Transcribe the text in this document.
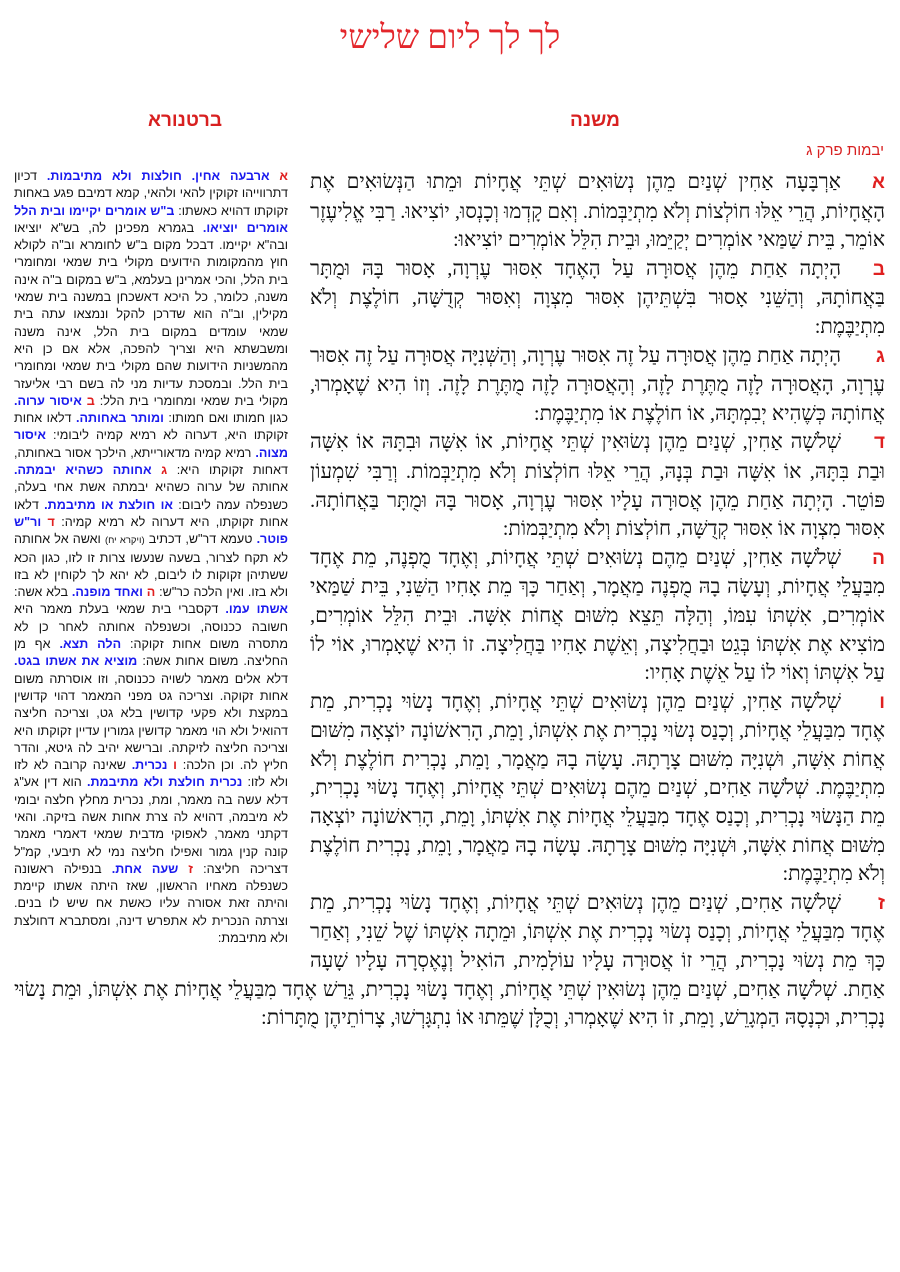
לך לך ליום שלישי
משנה
ברטנורא
יבמות פרק ג
א ארבעה אחין. חולצות ולא מתיבמות. דכיון דתרווייהו זקוקין להאי ולהאי, קמא דמיבם פגע באחות זקוקתו דהויא כאשתו: ב"ש אומרים יקיימו ובית הלל אומרים יוציאו. בגמרא מפכינן לה, בש"א יוציאו ובה"א יקיימו. דבכל מקום ב"ש לחומרא וב"ה לקולא חוץ מהמקומות הידועים מקולי בית שמאי ומחומרי בית הלל, והכי אמרינן בעלמא, ב"ש במקום ב"ה אינה משנה, כלומר, כל היכא דאשכחן במשנה בית שמאי מקילין, וב"ה הוא שדרכן להקל ונמצאו עתה בית שמאי עומדים במקום בית הלל, אינה משנה ומשבשתא היא וצריך להפכה, אלא אם כן היא מהמשניות הידועות שהם מקולי בית שמאי ומחומרי בית הלל. ובמסכת עדיות מני לה בשם רבי אליעזר מקולי בית שמאי ומחומרי בית הלל: ב איסור ערוה. כגון חמותו ואם חמותו: ומותר באחותה. דלאו אחות זקוקתו היא, דערוה לא רמיא קמיה ליבומי: איסור מצוה. רמיא קמיה מדאורייתא, הילכך אסור באחותה, דאחות זקוקתו היא: ג אחותה כשהיא יבמתה. אחותה של ערוה כשהיא יבמתה אשת אחי בעלה, כשנפלה עמה ליבום: או חולצת או מתיבמת. דלאו אחות זקוקתו, היא דערוה לא רמיא קמיה: ד ור"ש פוטר. טעמא דר"ש, דכתיב (ויקרא יח) ואשה אל אחותה לא תקח לצרור, בשעה שנעשו צרות זו לזו, כגון הכא ששתיהן זקוקות לו ליבום, לא יהא לך לקוחין לא בזו ולא בזו. ואין הלכה כר"ש: ה ואחד מופנה. בלא אשה: אשתו עמו. דקסברי בית שמאי בעלת מאמר היא חשובה ככנוסה, וכשנפלה אחותה לאחר כן לא מתסרה משום אחות זקוקה: הלה תצא. אף מן החליצה. משום אחות אשה: מוציא את אשתו בגט. דלא אלים מאמר לשויה ככנוסה, וזו אוסרתה משום אחות זקוקה. וצריכה גט מפני המאמר דהוי קדושין במקצת ולא פקעי קדושין בלא גט, וצריכה חליצה דהואיל ולא הוי מאמר קדושין גמורין עדיין זקוקתו היא וצריכה חליצה לזיקתה. וברישא יהיב לה גיטא, והדר חליץ לה. וכן הלכה: ו נכרית. שאינה קרובה לא לזו ולא לזו: נכרית חולצת ולא מתיבמת. הוא דין אע"ג דלא עשה בה מאמר, ומת, נכרית מחלץ חלצה יבומי לא מיבמה, דהויא לה צרת אחות אשה בזיקה. והאי דקתני מאמר, לאפוקי מדבית שמאי דאמרי מאמר קונה קנין גמור ואפילו חליצה נמי לא תיבעי, קמ"ל דצריכה חליצה: ז שעה אחת. בנפילה ראשונה כשנפלה מאחיו הראשון, שאז היתה אשתו קיימת והיתה זאת אסורה עליו כאשת אח שיש לו בנים. וצרתה הנכרית לא אתפרש דינה, ומסתברא דחולצת ולא מתיבמת:

אאַרְבָּעָה אַחִין שְׁנַיִם מֵהֶן נְשׂוּאִים שְׁתֵּי אֲחָיוֹת וּמֵתוּ הַנְּשׂוּאִים אֶת הָאֲחָיוֹת, הֲרֵי אֵלּוּ חוֹלְצוֹת וְלֹא מִתְיַבְּמוֹת. וְאִם קָדְמוּ וְכָנְסוּ, יוֹצִיאוּ. רַבִּי אֱלִיעֶזֶר אוֹמֵר, בֵּית שַׁמַּאי אוֹמְרִים יְקַיֵּמוּ, וּבֵית הִלֵּל אוֹמְרִים יוֹצִיאוּ:

בהָיְתָה אַחַת מֵהֶן אֲסוּרָה עַל הָאֶחָד אִסּוּר עֶרְוָה, אָסוּר בָּהּ וּמֻתָּר בַּאֲחוֹתָהּ, וְהַשֵּׁנִי אָסוּר בִּשְׁתֵּיהֶן אִסּוּר מִצְוָה וְאִסּוּר קְדֻשָּׁה, חוֹלֶצֶת וְלֹא מִתְיַבֶּמֶת:

גהָיְתָה אַחַת מֵהֶן אֲסוּרָה עַל זֶה אִסּוּר עֶרְוָה, וְהַשְּׁנִיָּה אֲסוּרָה עַל זֶה אִסּוּר עֶרְוָה, הָאֲסוּרָה לָזֶה מֻתֶּרֶת לָזֶה, וְהָאֲסוּרָה לָזֶה מֻתֶּרֶת לָזֶה. וְזוֹ הִיא שֶׁאָמְרוּ, אֲחוֹתָהּ כְּשֶׁהִיא יְבִמְתָּהּ, אוֹ חוֹלֶצֶת אוֹ מִתְיַבֶּמֶת:

דשְׁלֹשָׁה אַחִין, שְׁנַיִם מֵהֶן נְשׂוּאִין שְׁתֵּי אֲחָיוֹת, אוֹ אִשָּׁה וּבִתָּהּ אוֹ אִשָּׁה וּבַת בִּתָּהּ, אוֹ אִשָּׁה וּבַת בְּנָהּ, הֲרֵי אֵלּוּ חוֹלְצוֹת וְלֹא מִתְיַבְּמוֹת. וְרַבִּי שִׁמְעוֹן פּוֹטֵר. הָיְתָה אַחַת מֵהֶן אֲסוּרָה עָלָיו אִסּוּר עֶרְוָה, אָסוּר בָּהּ וּמֻתָּר בַּאֲחוֹתָהּ. אִסּוּר מִצְוָה אוֹ אִסּוּר קְדֻשָּׁה, חוֹלְצוֹת וְלֹא מִתְיַבְּמוֹת:

השְׁלֹשָׁה אַחִין, שְׁנַיִם מֵהֶם נְשׂוּאִים שְׁתֵּי אֲחָיוֹת, וְאֶחָד מֻפְנֶה, מֵת אֶחָד מִבַּעֲלֵי אֲחָיוֹת, וְעָשָׂה בָהּ מֻפְנֶה מַאֲמָר, וְאַחַר כָּךְ מֵת אָחִיו הַשֵּׁנִי, בֵּית שַׁמַּאי אוֹמְרִים, אִשְׁתּוֹ עִמּוֹ, וְהַלָּה תֵּצֵא מִשּׁוּם אֲחוֹת אִשָּׁה. וּבֵית הִלֵּל אוֹמְרִים, מוֹצִיא אֶת אִשְׁתּוֹ בְּגֵט וּבַחֲלִיצָה, וְאֵשֶׁת אָחִיו בַּחֲלִיצָה. זוֹ הִיא שֶׁאָמְרוּ, אוֹי לוֹ עַל אִשְׁתּוֹ וְאוֹי לוֹ עַל אֵשֶׁת אָחִיו:

ושְׁלֹשָׁה אַחִין, שְׁנַיִם מֵהֶן נְשׂוּאִים שְׁתֵּי אֲחָיוֹת, וְאֶחָד נָשׂוּי נָכְרִית, מֵת אֶחָד מִבַּעֲלֵי אֲחָיוֹת, וְכָנַס נְשׂוּי נָכְרִית אֶת אִשְׁתּוֹ, וָמֵת, הָרִאשׁוֹנָה יוֹצְאָה מִשּׁוּם אֲחוֹת אִשָּׁה, וּשְׁנִיָּה מִשּׁוּם צָרָתָהּ. עָשָׂה בָהּ מַאֲמָר, וָמֵת, נָכְרִית חוֹלֶצֶת וְלֹא מִתְיַבֶּמֶת. שְׁלֹשָׁה אַחִים, שְׁנַיִם מֵהֶם נְשׂוּאִים שְׁתֵּי אֲחָיוֹת, וְאֶחָד נָשׂוּי נָכְרִית, מֵת הַנָּשׂוּי נָכְרִית, וְכָנַס אֶחָד מִבַּעֲלֵי אֲחָיוֹת אֶת אִשְׁתּוֹ, וָמֵת, הָרִאשׁוֹנָה יוֹצְאָה מִשּׁוּם אֲחוֹת אִשָּׁה, וּשְׁנִיָּה מִשּׁוּם צָרָתָהּ. עָשָׂה בָהּ מַאֲמָר, וָמֵת, נָכְרִית חוֹלֶצֶת וְלֹא מִתְיַבֶּמֶת:

זשְׁלֹשָׁה אַחִים, שְׁנַיִם מֵהֶן נְשׂוּאִים שְׁתֵּי אֲחָיוֹת, וְאֶחָד נָשׂוּי נָכְרִית, מֵת אֶחָד מִבַּעֲלֵי אֲחָיוֹת, וְכָנַס נְשׂוּי נָכְרִית אֶת אִשְׁתּוֹ, וּמֵתָה אִשְׁתּוֹ שֶׁל שֵׁנִי, וְאַחַר כָּךְ מֵת נְשׂוּי נָכְרִית, הֲרֵי זוֹ אֲסוּרָה עָלָיו עוֹלָמִית, הוֹאִיל וְנֶאֶסְרָה עָלָיו שָׁעָה אַחַת. שְׁלֹשָׁה אַחִים, שְׁנַיִם מֵהֶן נְשׂוּאִין שְׁתֵּי אֲחָיוֹת, וְאֶחָד נָשׂוּי נָכְרִית, גֵּרַשׁ אֶחָד מִבַּעֲלֵי אֲחָיוֹת אֶת אִשְׁתּוֹ, וּמֵת נָשׂוּי נָכְרִית, וּכְנָסָהּ הַמְגָרֵשׁ, וָמֵת, זוֹ הִיא שֶׁאָמְרוּ, וְכֻלָּן שֶׁמֵּתוּ אוֹ נִתְגָּרְשׁוּ, צָרוֹתֵיהֶן מֻתָּרוֹת:
